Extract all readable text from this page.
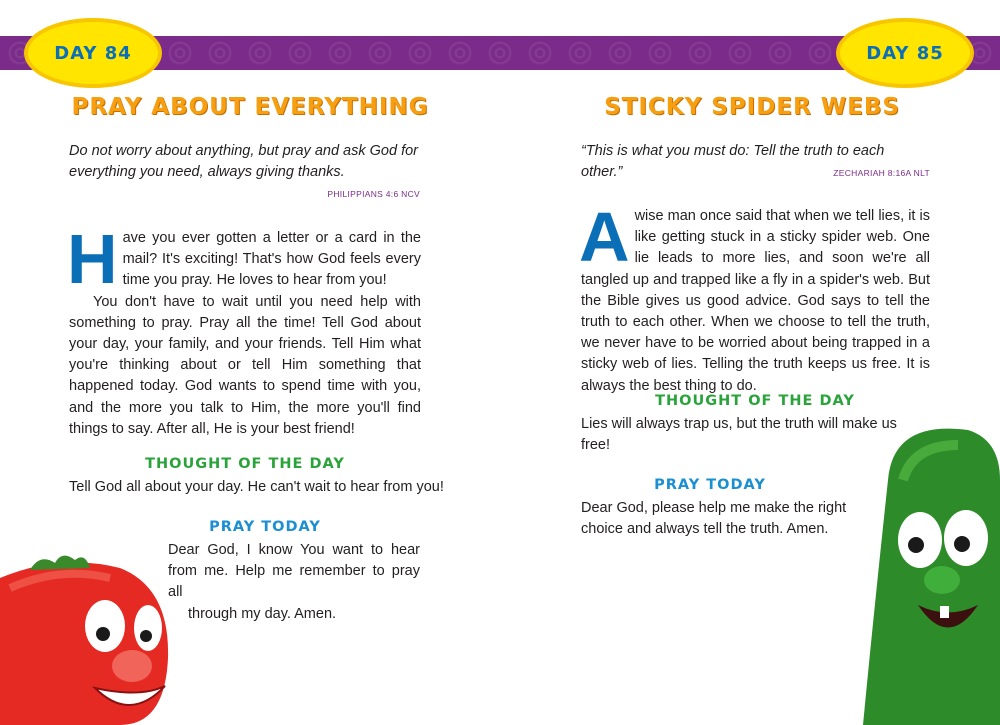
DAY 84
PRAY ABOUT EVERYTHING
Do not worry about anything, but pray and ask God for everything you need, always giving thanks.
PHILIPPIANS 4:6 NCV
H ave you ever gotten a letter or a card in the mail? It's exciting! That's how God feels every time you pray. He loves to hear from you!

You don't have to wait until you need help with something to pray. Pray all the time! Tell God about your day, your family, and your friends. Tell Him what you're thinking about or tell Him something that happened today. God wants to spend time with you, and the more you talk to Him, the more you'll find things to say. After all, He is your best friend!

THOUGHT OF THE DAY
Tell God all about your day. He can't wait to hear from you!
PRAY TODAY
Dear God, I know You want to hear from me. Help me remember to pray all
through my day. Amen.
DAY 85
STICKY SPIDER WEBS
“This is what you must do: Tell the truth to each other.”	ZECHARIAH 8:16A NLT
A wise man once said that when we tell lies, it is like getting stuck in a sticky spider web. One lie leads to more lies, and soon we're all tangled up and trapped like a fly in a spider's web. But the Bible gives us good advice. God says to tell the truth to each other. When we choose to tell the truth, we never have to be worried about being trapped in a sticky web of lies. Telling the truth keeps us free. It is always the best thing to do.

THOUGHT OF THE DAY
Lies will always trap us, but the truth will make us free!
PRAY TODAY
Dear God, please help me make the right choice and always tell the truth. Amen.
